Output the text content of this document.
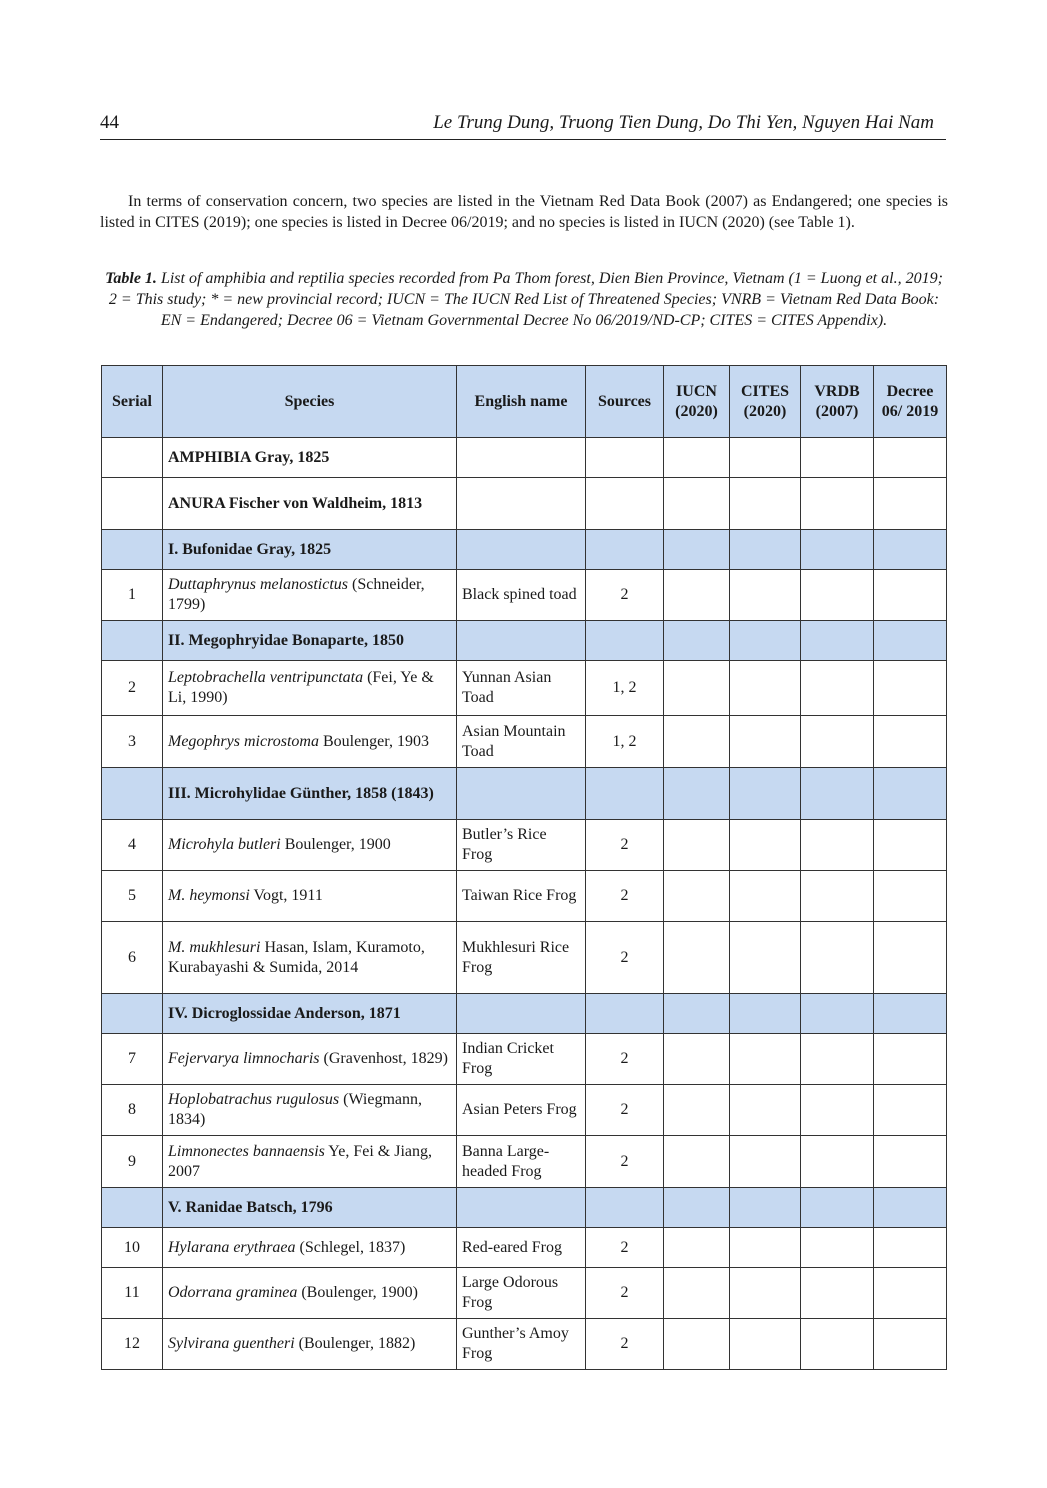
44	Le Trung Dung, Truong Tien Dung, Do Thi Yen, Nguyen Hai Nam

In terms of conservation concern, two species are listed in the Vietnam Red Data Book (2007) as Endangered; one species is listed in CITES (2019); one species is listed in Decree 06/2019; and no species is listed in IUCN (2020) (see Table 1).

Table 1. List of amphibia and reptilia species recorded from Pa Thom forest, Dien Bien Province, Vietnam (1 = Luong et al., 2019; 2 = This study; * = new provincial record; IUCN = The IUCN Red List of Threatened Species; VNRB = Vietnam Red Data Book: EN = Endangered; Decree 06 = Vietnam Governmental Decree No 06/2019/ND-CP; CITES = CITES Appendix).

Serial	Species	English name	Sources	IUCN (2020)	CITES (2020)	VRDB (2007)	Decree 06/ 2019
	AMPHIBIA Gray, 1825						
	ANURA Fischer von Waldheim, 1813						
	I. Bufonidae Gray, 1825						
1	Duttaphrynus melanostictus (Schneider, 1799)	Black spined toad	2				
	II. Megophryidae Bonaparte, 1850						
2	Leptobrachella ventripunctata (Fei, Ye & Li, 1990)	Yunnan Asian Toad	1, 2				
3	Megophrys microstoma Boulenger, 1903	Asian Mountain Toad	1, 2				
	III. Microhylidae Günther, 1858 (1843)						
4	Microhyla butleri Boulenger, 1900	Butler’s Rice Frog	2				
5	M. heymonsi Vogt, 1911	Taiwan Rice Frog	2				
6	M. mukhlesuri Hasan, Islam, Kuramoto, Kurabayashi & Sumida, 2014	Mukhlesuri Rice Frog	2				
	IV. Dicroglossidae Anderson, 1871						
7	Fejervarya limnocharis (Gravenhost, 1829)	Indian Cricket Frog	2				
8	Hoplobatrachus rugulosus (Wiegmann, 1834)	Asian Peters Frog	2				
9	Limnonectes bannaensis Ye, Fei & Jiang, 2007	Banna Large-headed Frog	2				
	V. Ranidae Batsch, 1796						
10	Hylarana erythraea (Schlegel, 1837)	Red-eared Frog	2				
11	Odorrana graminea (Boulenger, 1900)	Large Odorous Frog	2				
12	Sylvirana guentheri (Boulenger, 1882)	Gunther’s Amoy Frog	2				
